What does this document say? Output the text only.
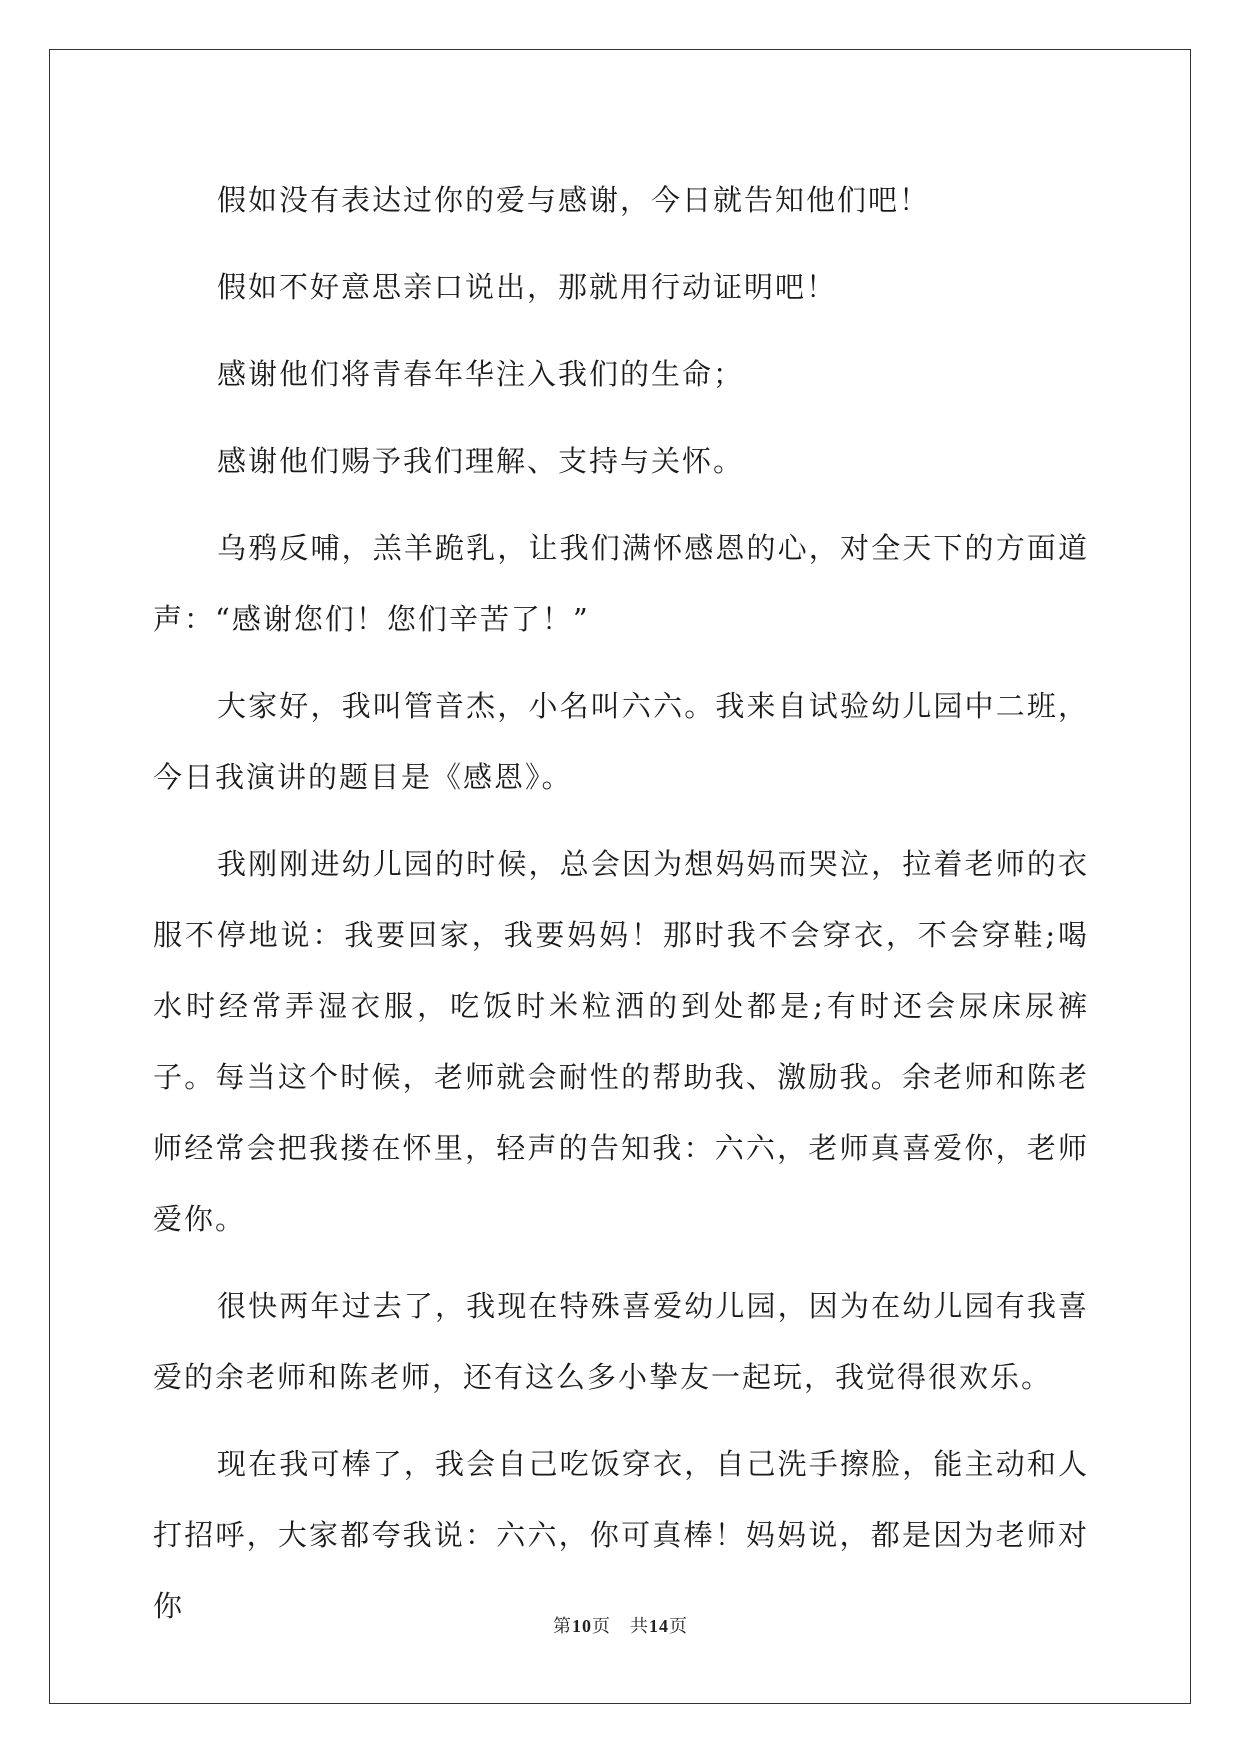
假如没有表达过你的爱与感谢，今日就告知他们吧！

假如不好意思亲口说出，那就用行动证明吧！

感谢他们将青春年华注入我们的生命；

感谢他们赐予我们理解、支持与关怀。

乌鸦反哺，羔羊跪乳，让我们满怀感恩的心，对全天下的方面道声：“感谢您们！您们辛苦了！”

大家好，我叫管音杰，小名叫六六。我来自试验幼儿园中二班，今日我演讲的题目是《感恩》。

我刚刚进幼儿园的时候，总会因为想妈妈而哭泣，拉着老师的衣服不停地说：我要回家，我要妈妈！那时我不会穿衣，不会穿鞋;喝水时经常弄湿衣服，吃饭时米粒洒的到处都是;有时还会尿床尿裤子。每当这个时候，老师就会耐性的帮助我、激励我。余老师和陈老师经常会把我搂在怀里，轻声的告知我：六六，老师真喜爱你，老师爱你。

很快两年过去了，我现在特殊喜爱幼儿园，因为在幼儿园有我喜爱的余老师和陈老师，还有这么多小挚友一起玩，我觉得很欢乐。

现在我可棒了，我会自己吃饭穿衣，自己洗手擦脸，能主动和人打招呼，大家都夸我说：六六，你可真棒！妈妈说，都是因为老师对你

第10页　共14页
